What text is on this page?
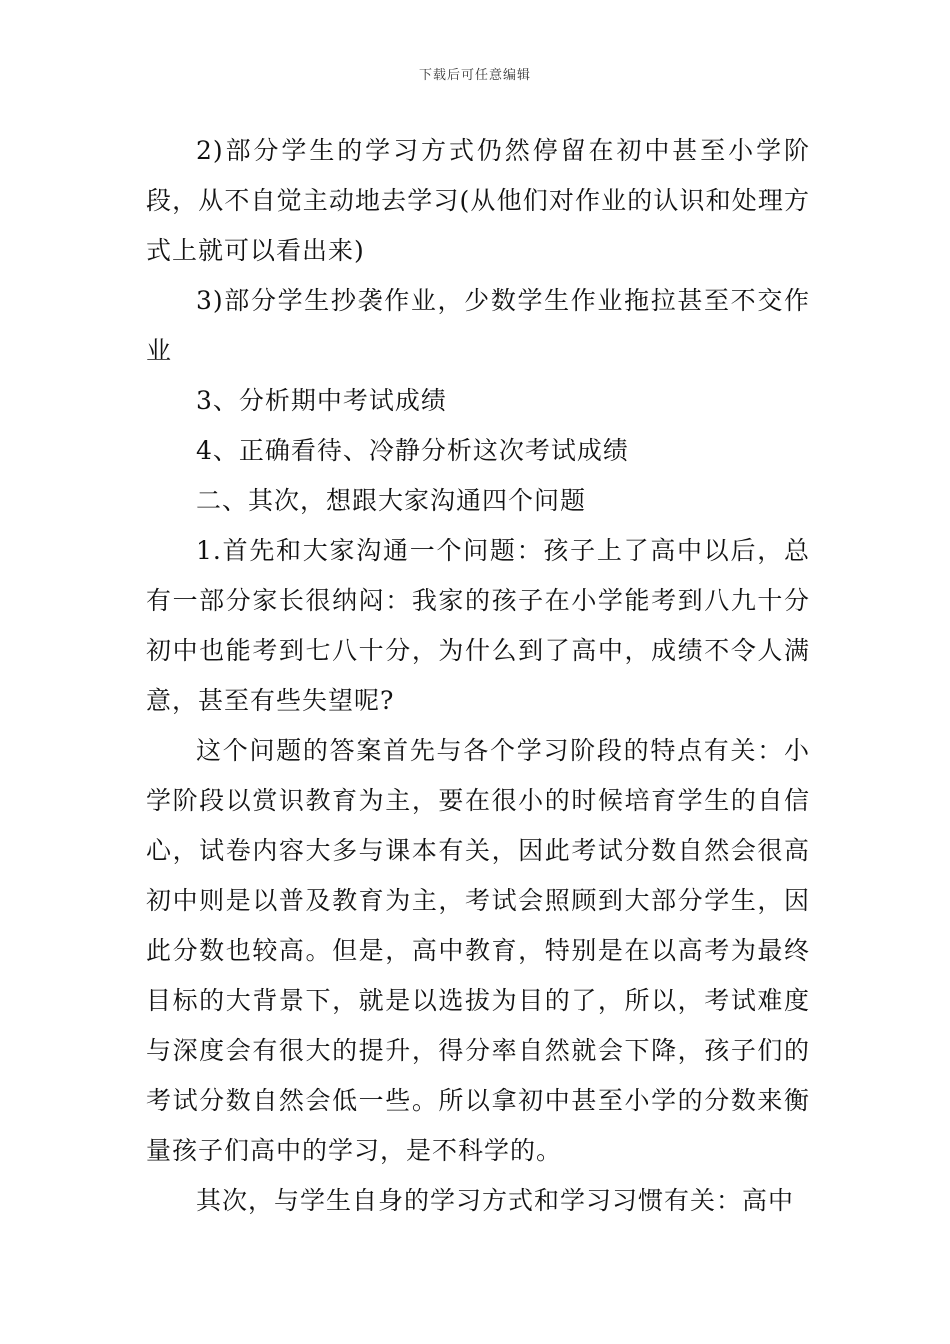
下载后可任意编辑

2)部分学生的学习方式仍然停留在初中甚至小学阶段，从不自觉主动地去学习(从他们对作业的认识和处理方式上就可以看出来)

3)部分学生抄袭作业，少数学生作业拖拉甚至不交作业

3、分析期中考试成绩

4、正确看待、冷静分析这次考试成绩

二、其次，想跟大家沟通四个问题

1.首先和大家沟通一个问题：孩子上了高中以后，总有一部分家长很纳闷：我家的孩子在小学能考到八九十分初中也能考到七八十分，为什么到了高中，成绩不令人满意，甚至有些失望呢?

这个问题的答案首先与各个学习阶段的特点有关：小学阶段以赏识教育为主，要在很小的时候培育学生的自信心，试卷内容大多与课本有关，因此考试分数自然会很高初中则是以普及教育为主，考试会照顾到大部分学生，因此分数也较高。但是，高中教育，特别是在以高考为最终目标的大背景下，就是以选拔为目的了，所以，考试难度与深度会有很大的提升，得分率自然就会下降，孩子们的考试分数自然会低一些。所以拿初中甚至小学的分数来衡量孩子们高中的学习，是不科学的。

其次，与学生自身的学习方式和学习习惯有关：高中
